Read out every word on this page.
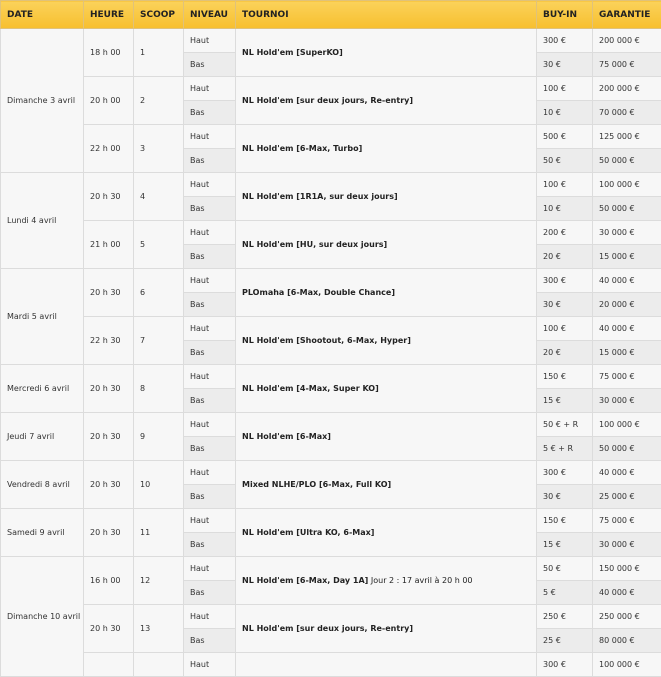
DATE	HEURE	SCOOP	NIVEAU	TOURNOI	BUY-IN	GARANTIE
Dimanche 3 avril	18 h 00	1	Haut	NL Hold'em [SuperKO]	300 €	200 000 €
			Bas		30 €	75 000 €
	20 h 00	2	Haut	NL Hold'em [sur deux jours, Re-entry]	100 €	200 000 €
			Bas		10 €	70 000 €
	22 h 00	3	Haut	NL Hold'em [6-Max, Turbo]	500 €	125 000 €
			Bas		50 €	50 000 €
Lundi 4 avril	20 h 30	4	Haut	NL Hold'em [1R1A, sur deux jours]	100 €	100 000 €
			Bas		10 €	50 000 €
	21 h 00	5	Haut	NL Hold'em [HU, sur deux jours]	200 €	30 000 €
			Bas		20 €	15 000 €
Mardi 5 avril	20 h 30	6	Haut	PLOmaha [6-Max, Double Chance]	300 €	40 000 €
			Bas		30 €	20 000 €
	22 h 30	7	Haut	NL Hold'em [Shootout, 6-Max, Hyper]	100 €	40 000 €
			Bas		20 €	15 000 €
Mercredi 6 avril	20 h 30	8	Haut	NL Hold'em [4-Max, Super KO]	150 €	75 000 €
			Bas		15 €	30 000 €
Jeudi 7 avril	20 h 30	9	Haut	NL Hold'em [6-Max]	50 € + R	100 000 €
			Bas		5 € + R	50 000 €
Vendredi 8 avril	20 h 30	10	Haut	Mixed NLHE/PLO [6-Max, Full KO]	300 €	40 000 €
			Bas		30 €	25 000 €
Samedi 9 avril	20 h 30	11	Haut	NL Hold'em [Ultra KO, 6-Max]	150 €	75 000 €
			Bas		15 €	30 000 €
Dimanche 10 avril	16 h 00	12	Haut	NL Hold'em [6-Max, Day 1A] Jour 2 : 17 avril à 20 h 00	50 €	150 000 €
			Bas		5 €	40 000 €
	20 h 30	13	Haut	NL Hold'em [sur deux jours, Re-entry]	250 €	250 000 €
			Bas		25 €	80 000 €
			Haut		300 €	100 000 €
